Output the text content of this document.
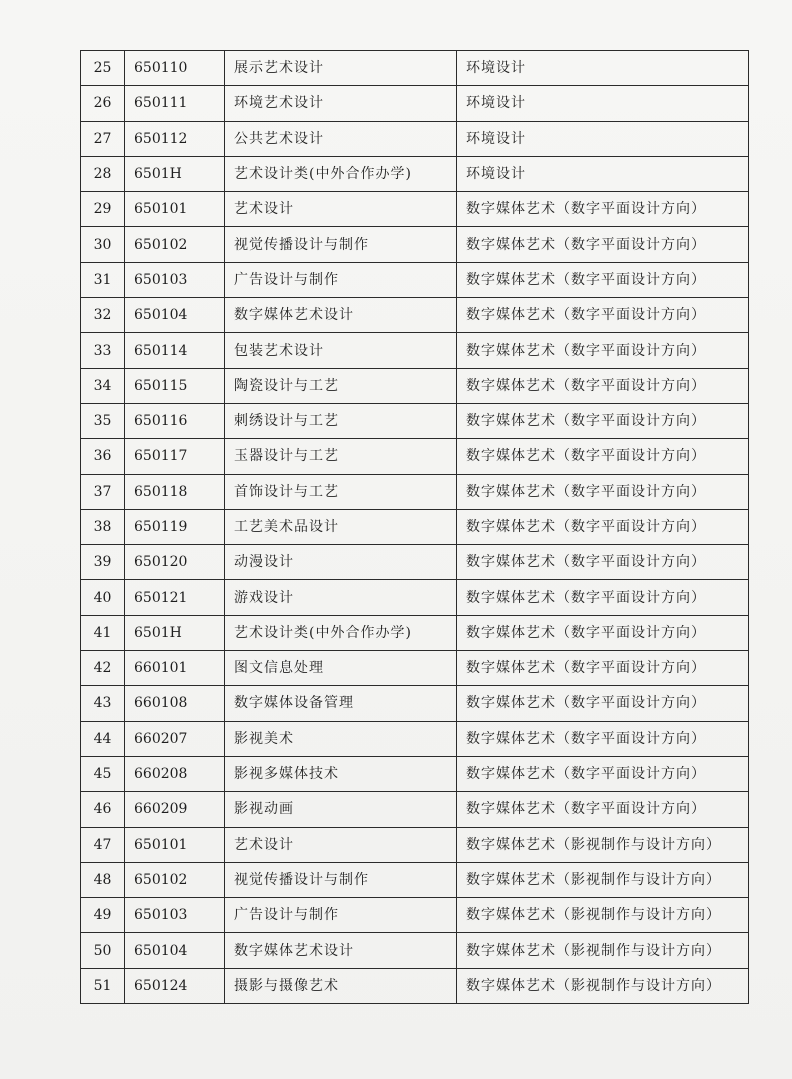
25	650110	展示艺术设计	环境设计
26	650111	环境艺术设计	环境设计
27	650112	公共艺术设计	环境设计
28	6501H	艺术设计类(中外合作办学)	环境设计
29	650101	艺术设计	数字媒体艺术（数字平面设计方向）
30	650102	视觉传播设计与制作	数字媒体艺术（数字平面设计方向）
31	650103	广告设计与制作	数字媒体艺术（数字平面设计方向）
32	650104	数字媒体艺术设计	数字媒体艺术（数字平面设计方向）
33	650114	包装艺术设计	数字媒体艺术（数字平面设计方向）
34	650115	陶瓷设计与工艺	数字媒体艺术（数字平面设计方向）
35	650116	刺绣设计与工艺	数字媒体艺术（数字平面设计方向）
36	650117	玉器设计与工艺	数字媒体艺术（数字平面设计方向）
37	650118	首饰设计与工艺	数字媒体艺术（数字平面设计方向）
38	650119	工艺美术品设计	数字媒体艺术（数字平面设计方向）
39	650120	动漫设计	数字媒体艺术（数字平面设计方向）
40	650121	游戏设计	数字媒体艺术（数字平面设计方向）
41	6501H	艺术设计类(中外合作办学)	数字媒体艺术（数字平面设计方向）
42	660101	图文信息处理	数字媒体艺术（数字平面设计方向）
43	660108	数字媒体设备管理	数字媒体艺术（数字平面设计方向）
44	660207	影视美术	数字媒体艺术（数字平面设计方向）
45	660208	影视多媒体技术	数字媒体艺术（数字平面设计方向）
46	660209	影视动画	数字媒体艺术（数字平面设计方向）
47	650101	艺术设计	数字媒体艺术（影视制作与设计方向）
48	650102	视觉传播设计与制作	数字媒体艺术（影视制作与设计方向）
49	650103	广告设计与制作	数字媒体艺术（影视制作与设计方向）
50	650104	数字媒体艺术设计	数字媒体艺术（影视制作与设计方向）
51	650124	摄影与摄像艺术	数字媒体艺术（影视制作与设计方向）
